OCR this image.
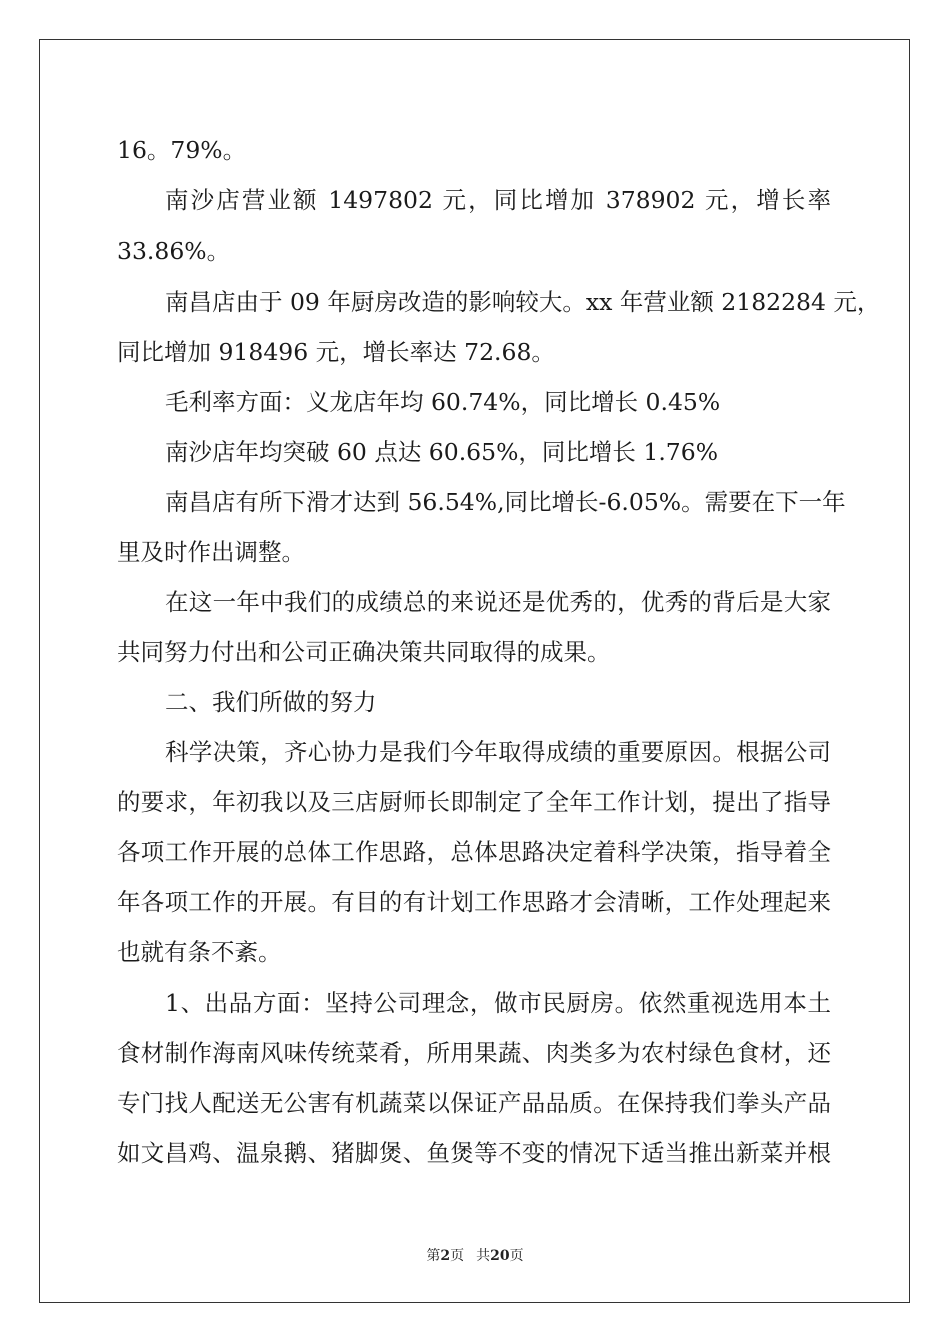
16。79%。
南沙店营业额 1497802 元，同比增加 378902 元，增长率
33.86%。
南昌店由于 09 年厨房改造的影响较大。xx 年营业额 2182284 元，
同比增加 918496 元，增长率达 72.68。
毛利率方面：义龙店年均 60.74%，同比增长 0.45%
南沙店年均突破 60 点达 60.65%，同比增长 1.76%
南昌店有所下滑才达到 56.54%,同比增长-6.05%。需要在下一年
里及时作出调整。
在这一年中我们的成绩总的来说还是优秀的，优秀的背后是大家
共同努力付出和公司正确决策共同取得的成果。
二、我们所做的努力
科学决策，齐心协力是我们今年取得成绩的重要原因。根据公司
的要求，年初我以及三店厨师长即制定了全年工作计划，提出了指导
各项工作开展的总体工作思路，总体思路决定着科学决策，指导着全
年各项工作的开展。有目的有计划工作思路才会清晰，工作处理起来
也就有条不紊。
1、出品方面：坚持公司理念，做市民厨房。依然重视选用本土
食材制作海南风味传统菜肴，所用果蔬、肉类多为农村绿色食材，还
专门找人配送无公害有机蔬菜以保证产品品质。在保持我们拳头产品
如文昌鸡、温泉鹅、猪脚煲、鱼煲等不变的情况下适当推出新菜并根
第2页 共20页
